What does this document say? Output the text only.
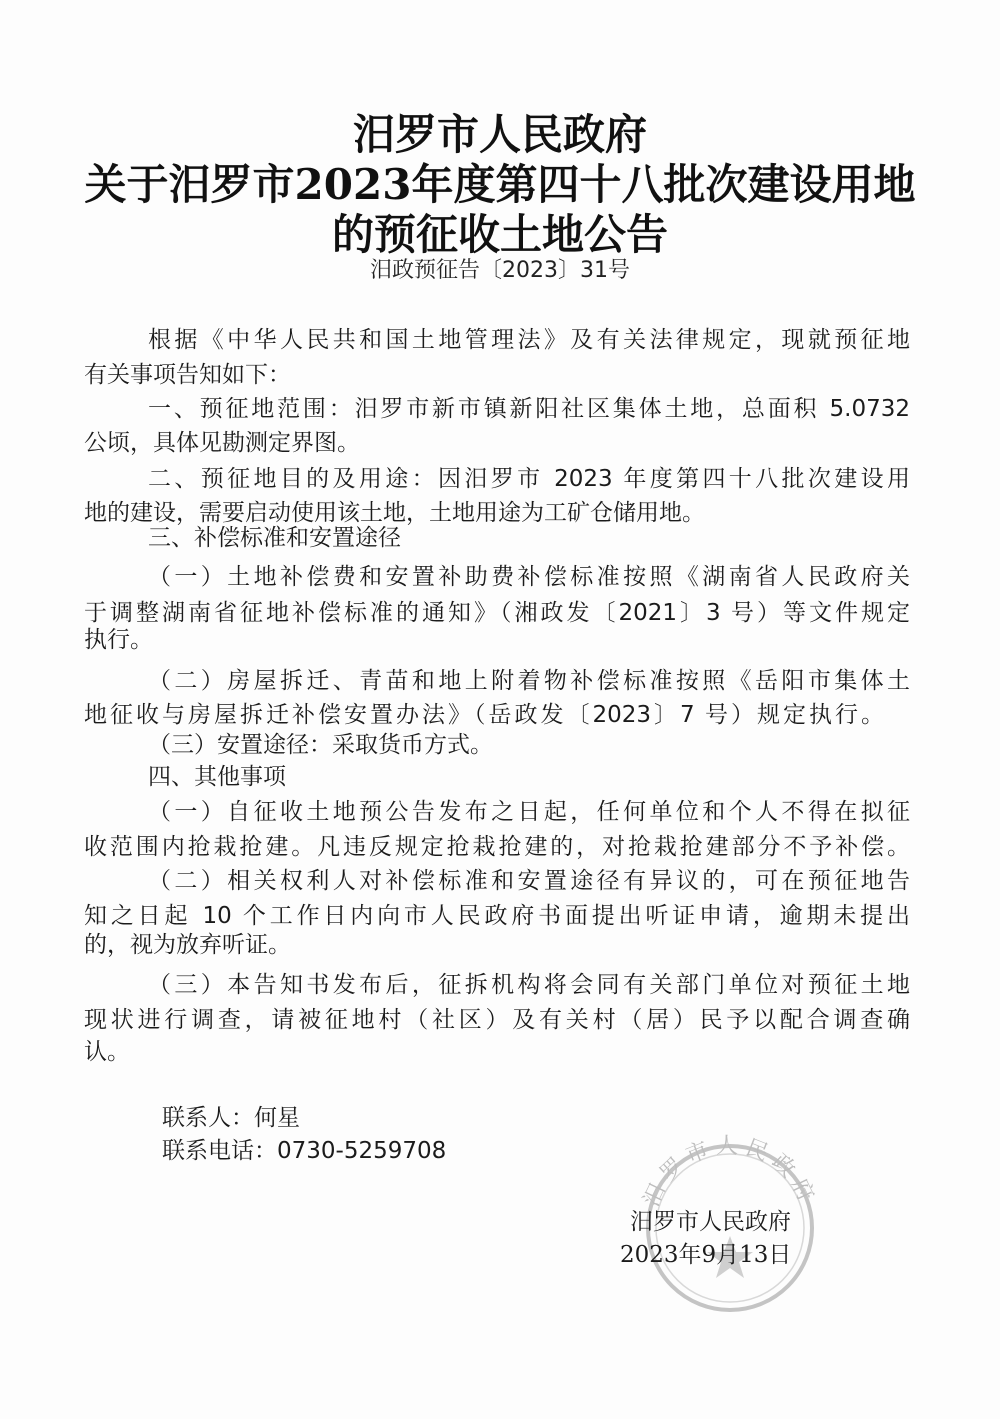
汨罗市人民政府
关于汨罗市2023年度第四十八批次建设用地
的预征收土地公告
汨政预征告〔2023〕31号
根据《中华人民共和国土地管理法》及有关法律规定，现就预征地
有关事项告知如下：
一、预征地范围：汨罗市新市镇新阳社区集体土地，总面积 5.0732
公顷，具体见勘测定界图。
二、预征地目的及用途：因汨罗市 2023 年度第四十八批次建设用
地的建设，需要启动使用该土地，土地用途为工矿仓储用地。
三、补偿标准和安置途径
（一）土地补偿费和安置补助费补偿标准按照《湖南省人民政府关
于调整湖南省征地补偿标准的通知》（湘政发〔2021〕3 号）等文件规定
执行。
（二）房屋拆迁、青苗和地上附着物补偿标准按照《岳阳市集体土
地征收与房屋拆迁补偿安置办法》（岳政发〔2023〕7 号）规定执行。
（三）安置途径：采取货币方式。
四、其他事项
（一）自征收土地预公告发布之日起，任何单位和个人不得在拟征
收范围内抢栽抢建。凡违反规定抢栽抢建的，对抢栽抢建部分不予补偿。
（二）相关权利人对补偿标准和安置途径有异议的，可在预征地告
知之日起 10 个工作日内向市人民政府书面提出听证申请，逾期未提出
的，视为放弃听证。
（三）本告知书发布后，征拆机构将会同有关部门单位对预征土地
现状进行调查，请被征地村（社区）及有关村（居）民予以配合调查确
认。
联系人：何星
联系电话：0730-5259708
汨罗市人民政府
汨罗市人民政府
2023年9月13日
